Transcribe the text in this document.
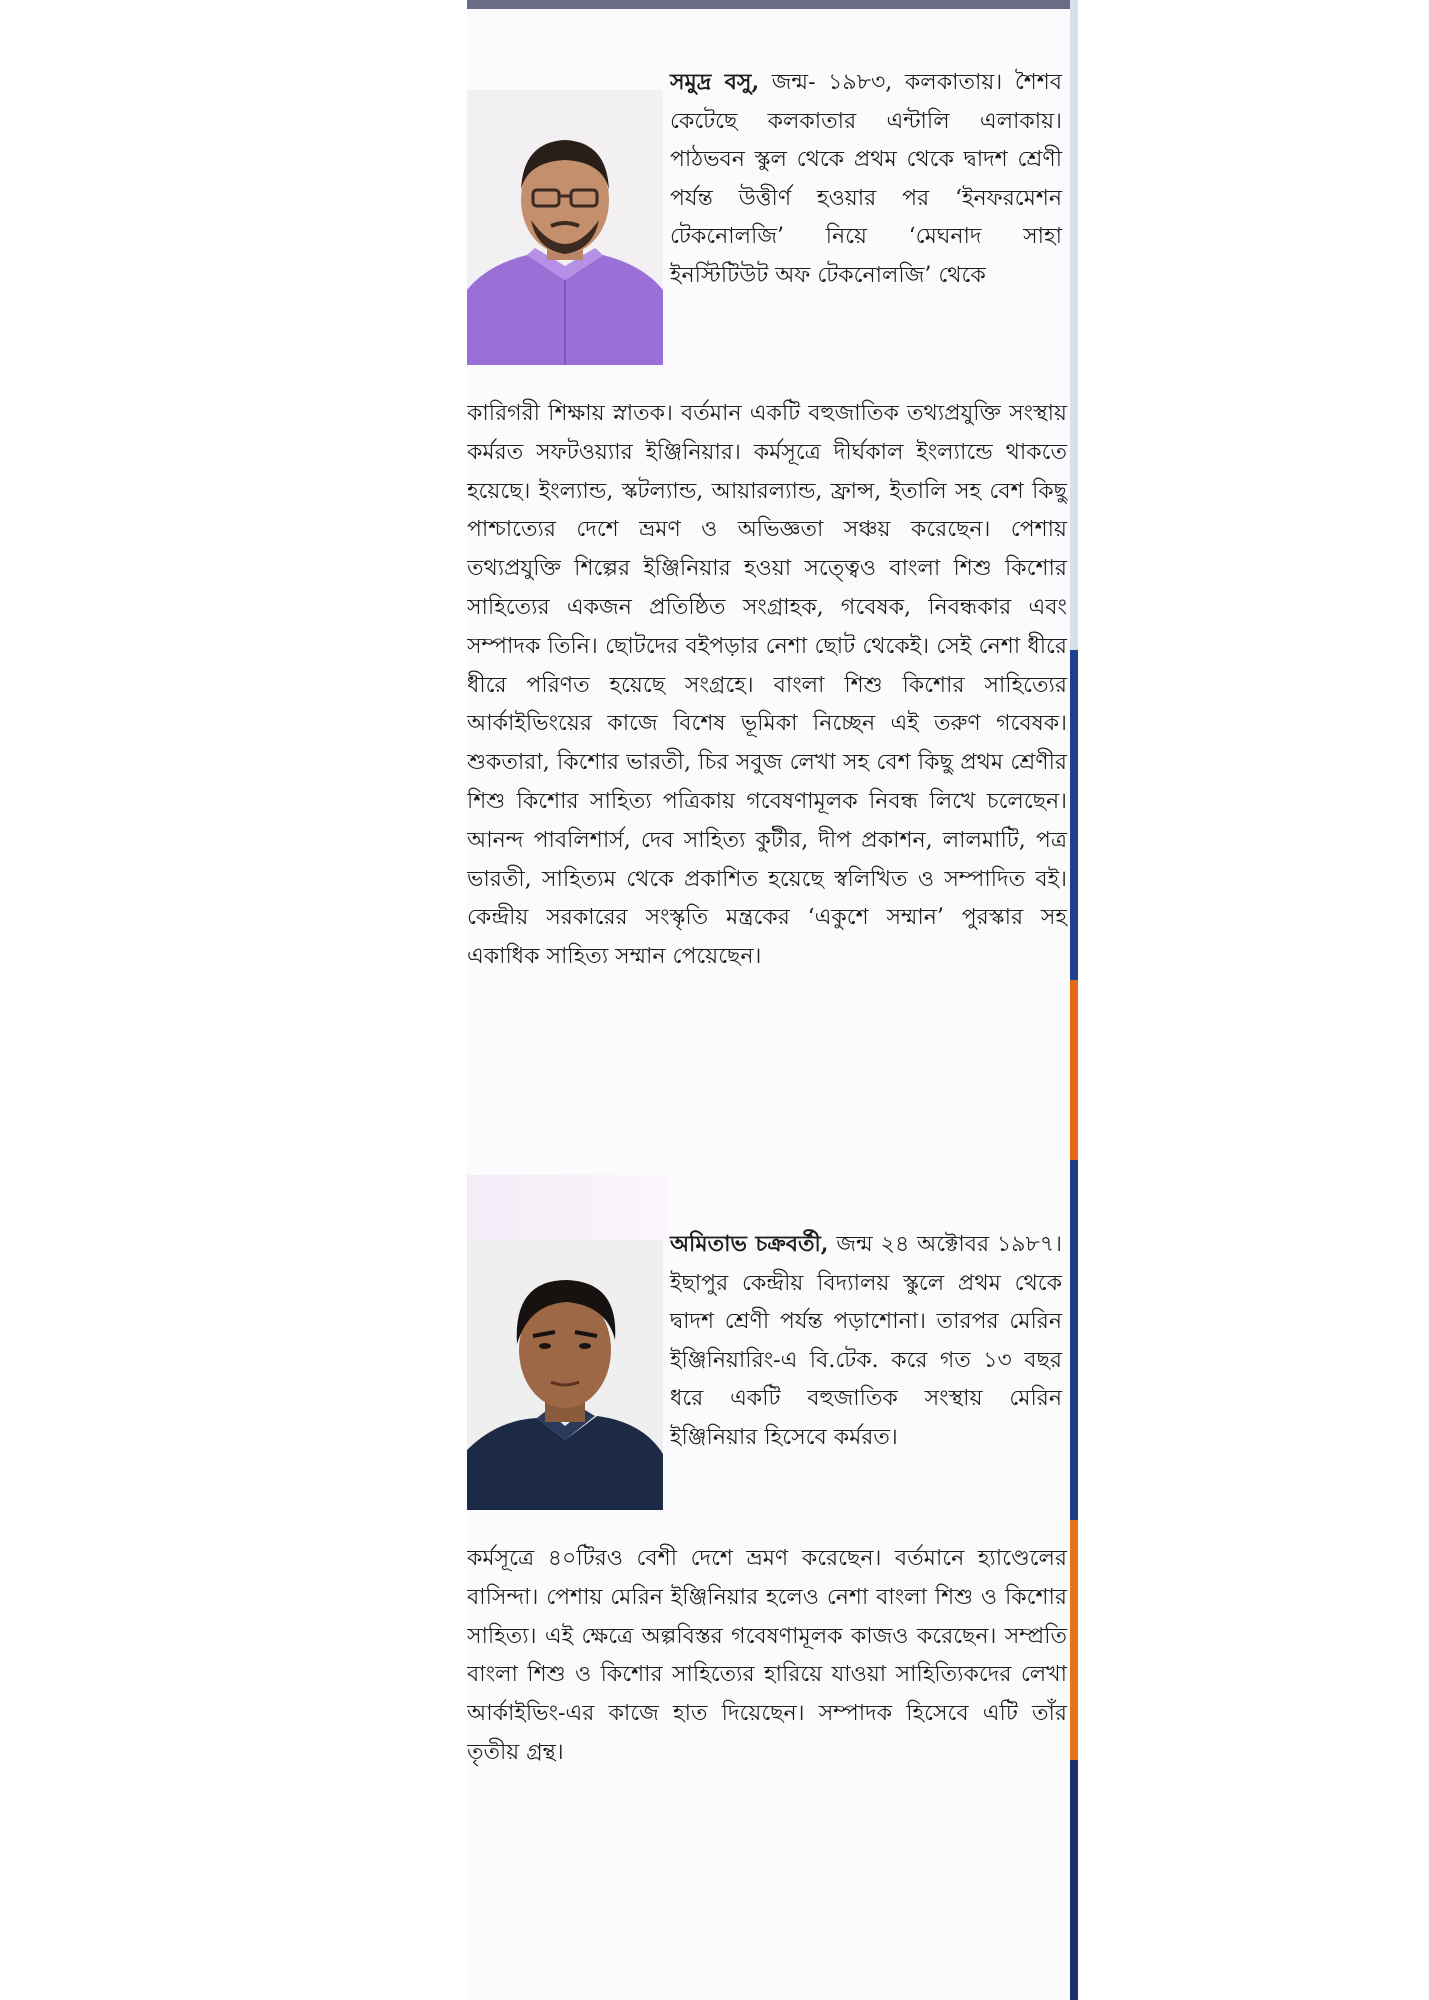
সমুদ্র বসু, জন্ম- ১৯৮৩, কলকাতায়। শৈশব কেটেছে কলকাতার এন্টালি এলাকায়। পাঠভবন স্কুল থেকে প্রথম থেকে দ্বাদশ শ্রেণী পর্যন্ত উত্তীর্ণ হওয়ার পর ‘ইনফরমেশন টেকনোলজি’ নিয়ে ‘মেঘনাদ সাহা ইনস্টিটিউট অফ টেকনোলজি’ থেকে
কারিগরী শিক্ষায় স্নাতক। বর্তমান একটি বহুজাতিক তথ্যপ্রযুক্তি সংস্থায় কর্মরত সফটওয়্যার ইঞ্জিনিয়ার। কর্মসূত্রে দীর্ঘকাল ইংল্যান্ডে থাকতে হয়েছে। ইংল্যান্ড, স্কটল্যান্ড, আয়ারল্যান্ড, ফ্রান্স, ইতালি সহ বেশ কিছু পাশ্চাত্যের দেশে ভ্রমণ ও অভিজ্ঞতা সঞ্চয় করেছেন। পেশায় তথ্যপ্রযুক্তি শিল্পের ইঞ্জিনিয়ার হওয়া সত্ত্বেও বাংলা শিশু কিশোর সাহিত্যের একজন প্রতিষ্ঠিত সংগ্রাহক, গবেষক, নিবন্ধকার এবং সম্পাদক তিনি। ছোটদের বইপড়ার নেশা ছোট থেকেই। সেই নেশা ধীরে ধীরে পরিণত হয়েছে সংগ্রহে। বাংলা শিশু কিশোর সাহিত্যের আর্কাইভিংয়ের কাজে বিশেষ ভূমিকা নিচ্ছেন এই তরুণ গবেষক। শুকতারা, কিশোর ভারতী, চির সবুজ লেখা সহ বেশ কিছু প্রথম শ্রেণীর শিশু কিশোর সাহিত্য পত্রিকায় গবেষণামূলক নিবন্ধ লিখে চলেছেন। আনন্দ পাবলিশার্স, দেব সাহিত্য কুটীর, দীপ প্রকাশন, লালমাটি, পত্র ভারতী, সাহিত্যম থেকে প্রকাশিত হয়েছে স্বলিখিত ও সম্পাদিত বই। কেন্দ্রীয় সরকারের সংস্কৃতি মন্ত্রকের ‘একুশে সম্মান’ পুরস্কার সহ একাধিক সাহিত্য সম্মান পেয়েছেন।
অমিতাভ চক্রবর্তী, জন্ম ২৪ অক্টোবর ১৯৮৭। ইছাপুর কেন্দ্রীয় বিদ্যালয় স্কুলে প্রথম থেকে দ্বাদশ শ্রেণী পর্যন্ত পড়াশোনা। তারপর মেরিন ইঞ্জিনিয়ারিং-এ বি.টেক. করে গত ১৩ বছর ধরে একটি বহুজাতিক সংস্থায় মেরিন ইঞ্জিনিয়ার হিসেবে কর্মরত।
কর্মসূত্রে ৪০টিরও বেশী দেশে ভ্রমণ করেছেন। বর্তমানে হ্যাণ্ডেলের বাসিন্দা। পেশায় মেরিন ইঞ্জিনিয়ার হলেও নেশা বাংলা শিশু ও কিশোর সাহিত্য। এই ক্ষেত্রে অল্পবিস্তর গবেষণামূলক কাজও করেছেন। সম্প্রতি বাংলা শিশু ও কিশোর সাহিত্যের হারিয়ে যাওয়া সাহিত্যিকদের লেখা আর্কাইভিং-এর কাজে হাত দিয়েছেন। সম্পাদক হিসেবে এটি তাঁর তৃতীয় গ্রন্থ।
